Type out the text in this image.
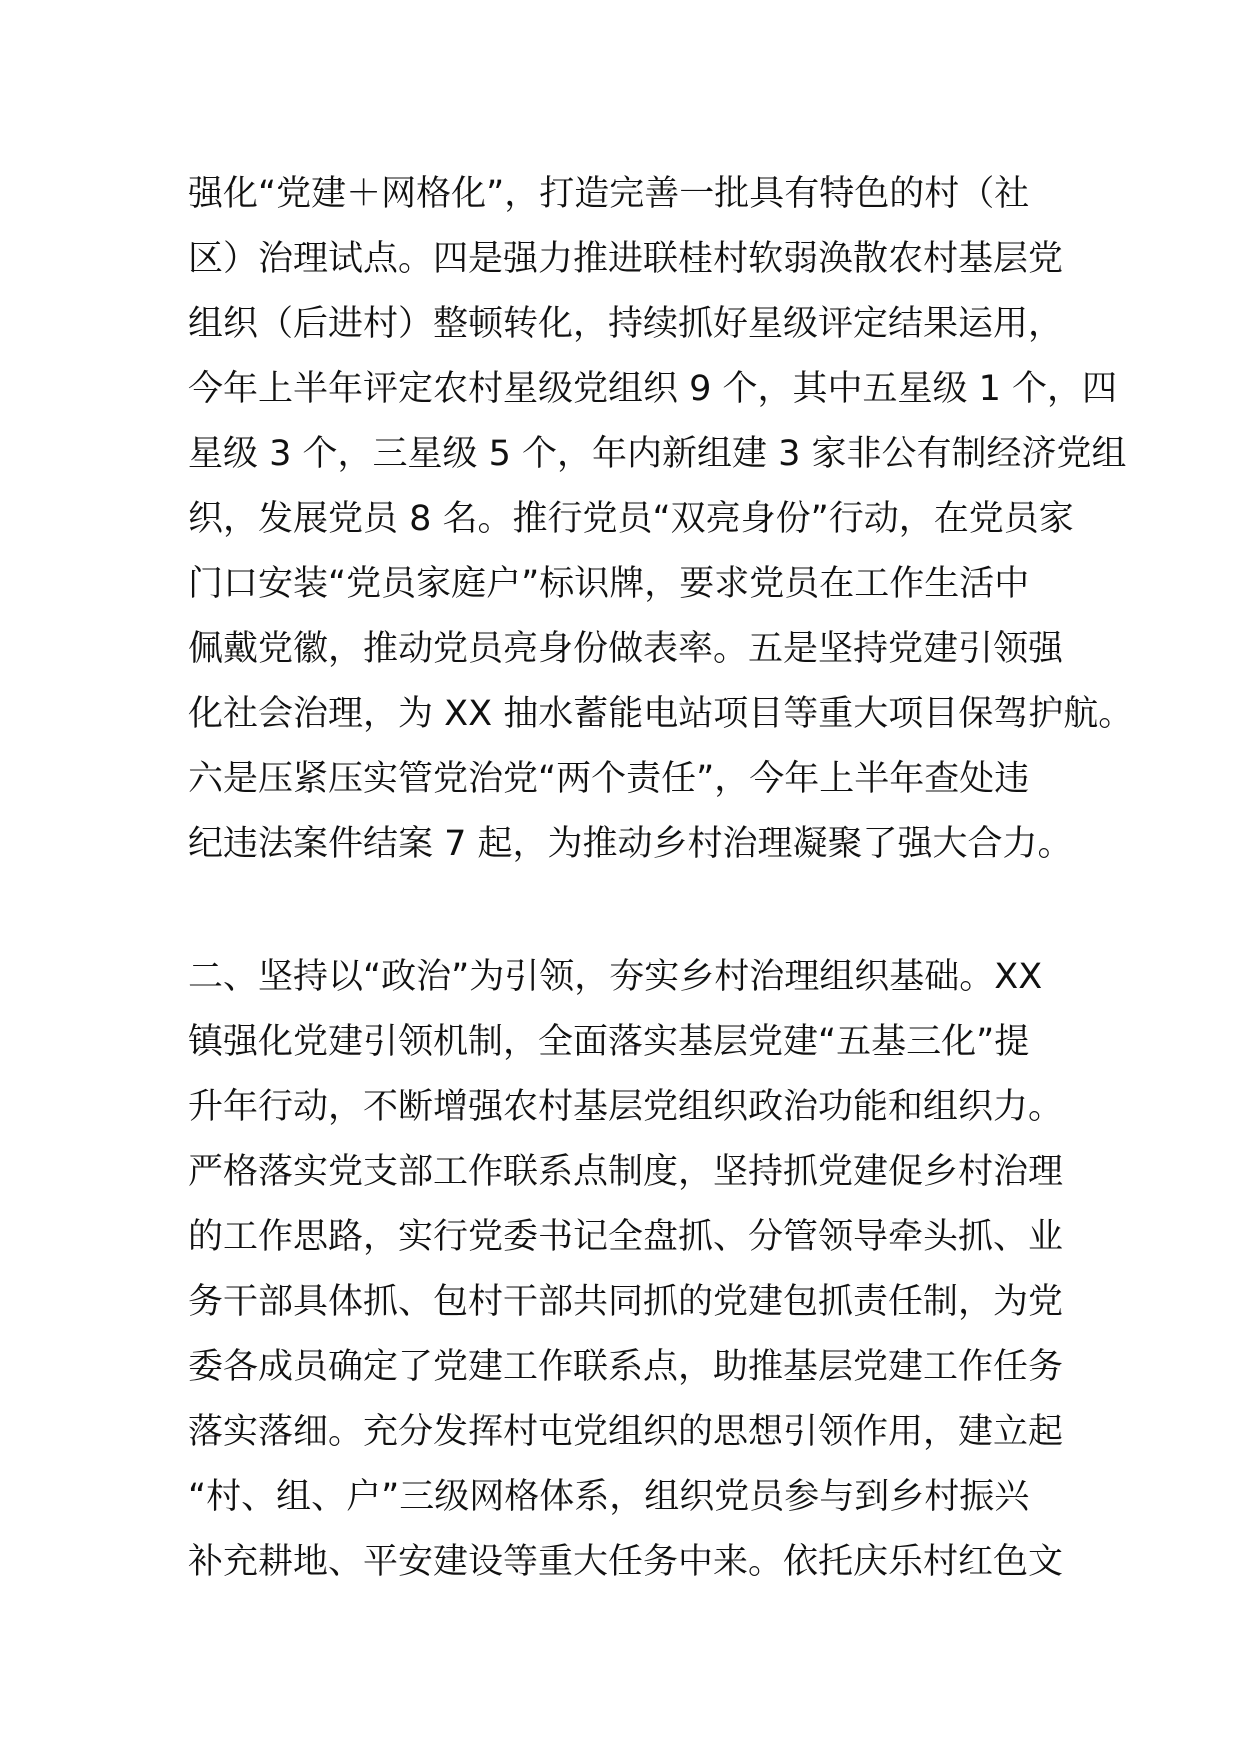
强化“党建＋网格化”，打造完善一批具有特色的村（社
区）治理试点。四是强力推进联桂村软弱涣散农村基层党
组织（后进村）整顿转化，持续抓好星级评定结果运用，
今年上半年评定农村星级党组织 9 个，其中五星级 1 个，四
星级 3 个，三星级 5 个，年内新组建 3 家非公有制经济党组
织，发展党员 8 名。推行党员“双亮身份”行动，在党员家
门口安装“党员家庭户”标识牌，要求党员在工作生活中
佩戴党徽，推动党员亮身份做表率。五是坚持党建引领强
化社会治理，为 XX 抽水蓄能电站项目等重大项目保驾护航。
六是压紧压实管党治党“两个责任”，今年上半年查处违
纪违法案件结案 7 起，为推动乡村治理凝聚了强大合力。
二、坚持以“政治”为引领，夯实乡村治理组织基础。XX
镇强化党建引领机制，全面落实基层党建“五基三化”提
升年行动，不断增强农村基层党组织政治功能和组织力。
严格落实党支部工作联系点制度，坚持抓党建促乡村治理
的工作思路，实行党委书记全盘抓、分管领导牵头抓、业
务干部具体抓、包村干部共同抓的党建包抓责任制，为党
委各成员确定了党建工作联系点，助推基层党建工作任务
落实落细。充分发挥村屯党组织的思想引领作用，建立起
“村、组、户”三级网格体系，组织党员参与到乡村振兴
补充耕地、平安建设等重大任务中来。依托庆乐村红色文
